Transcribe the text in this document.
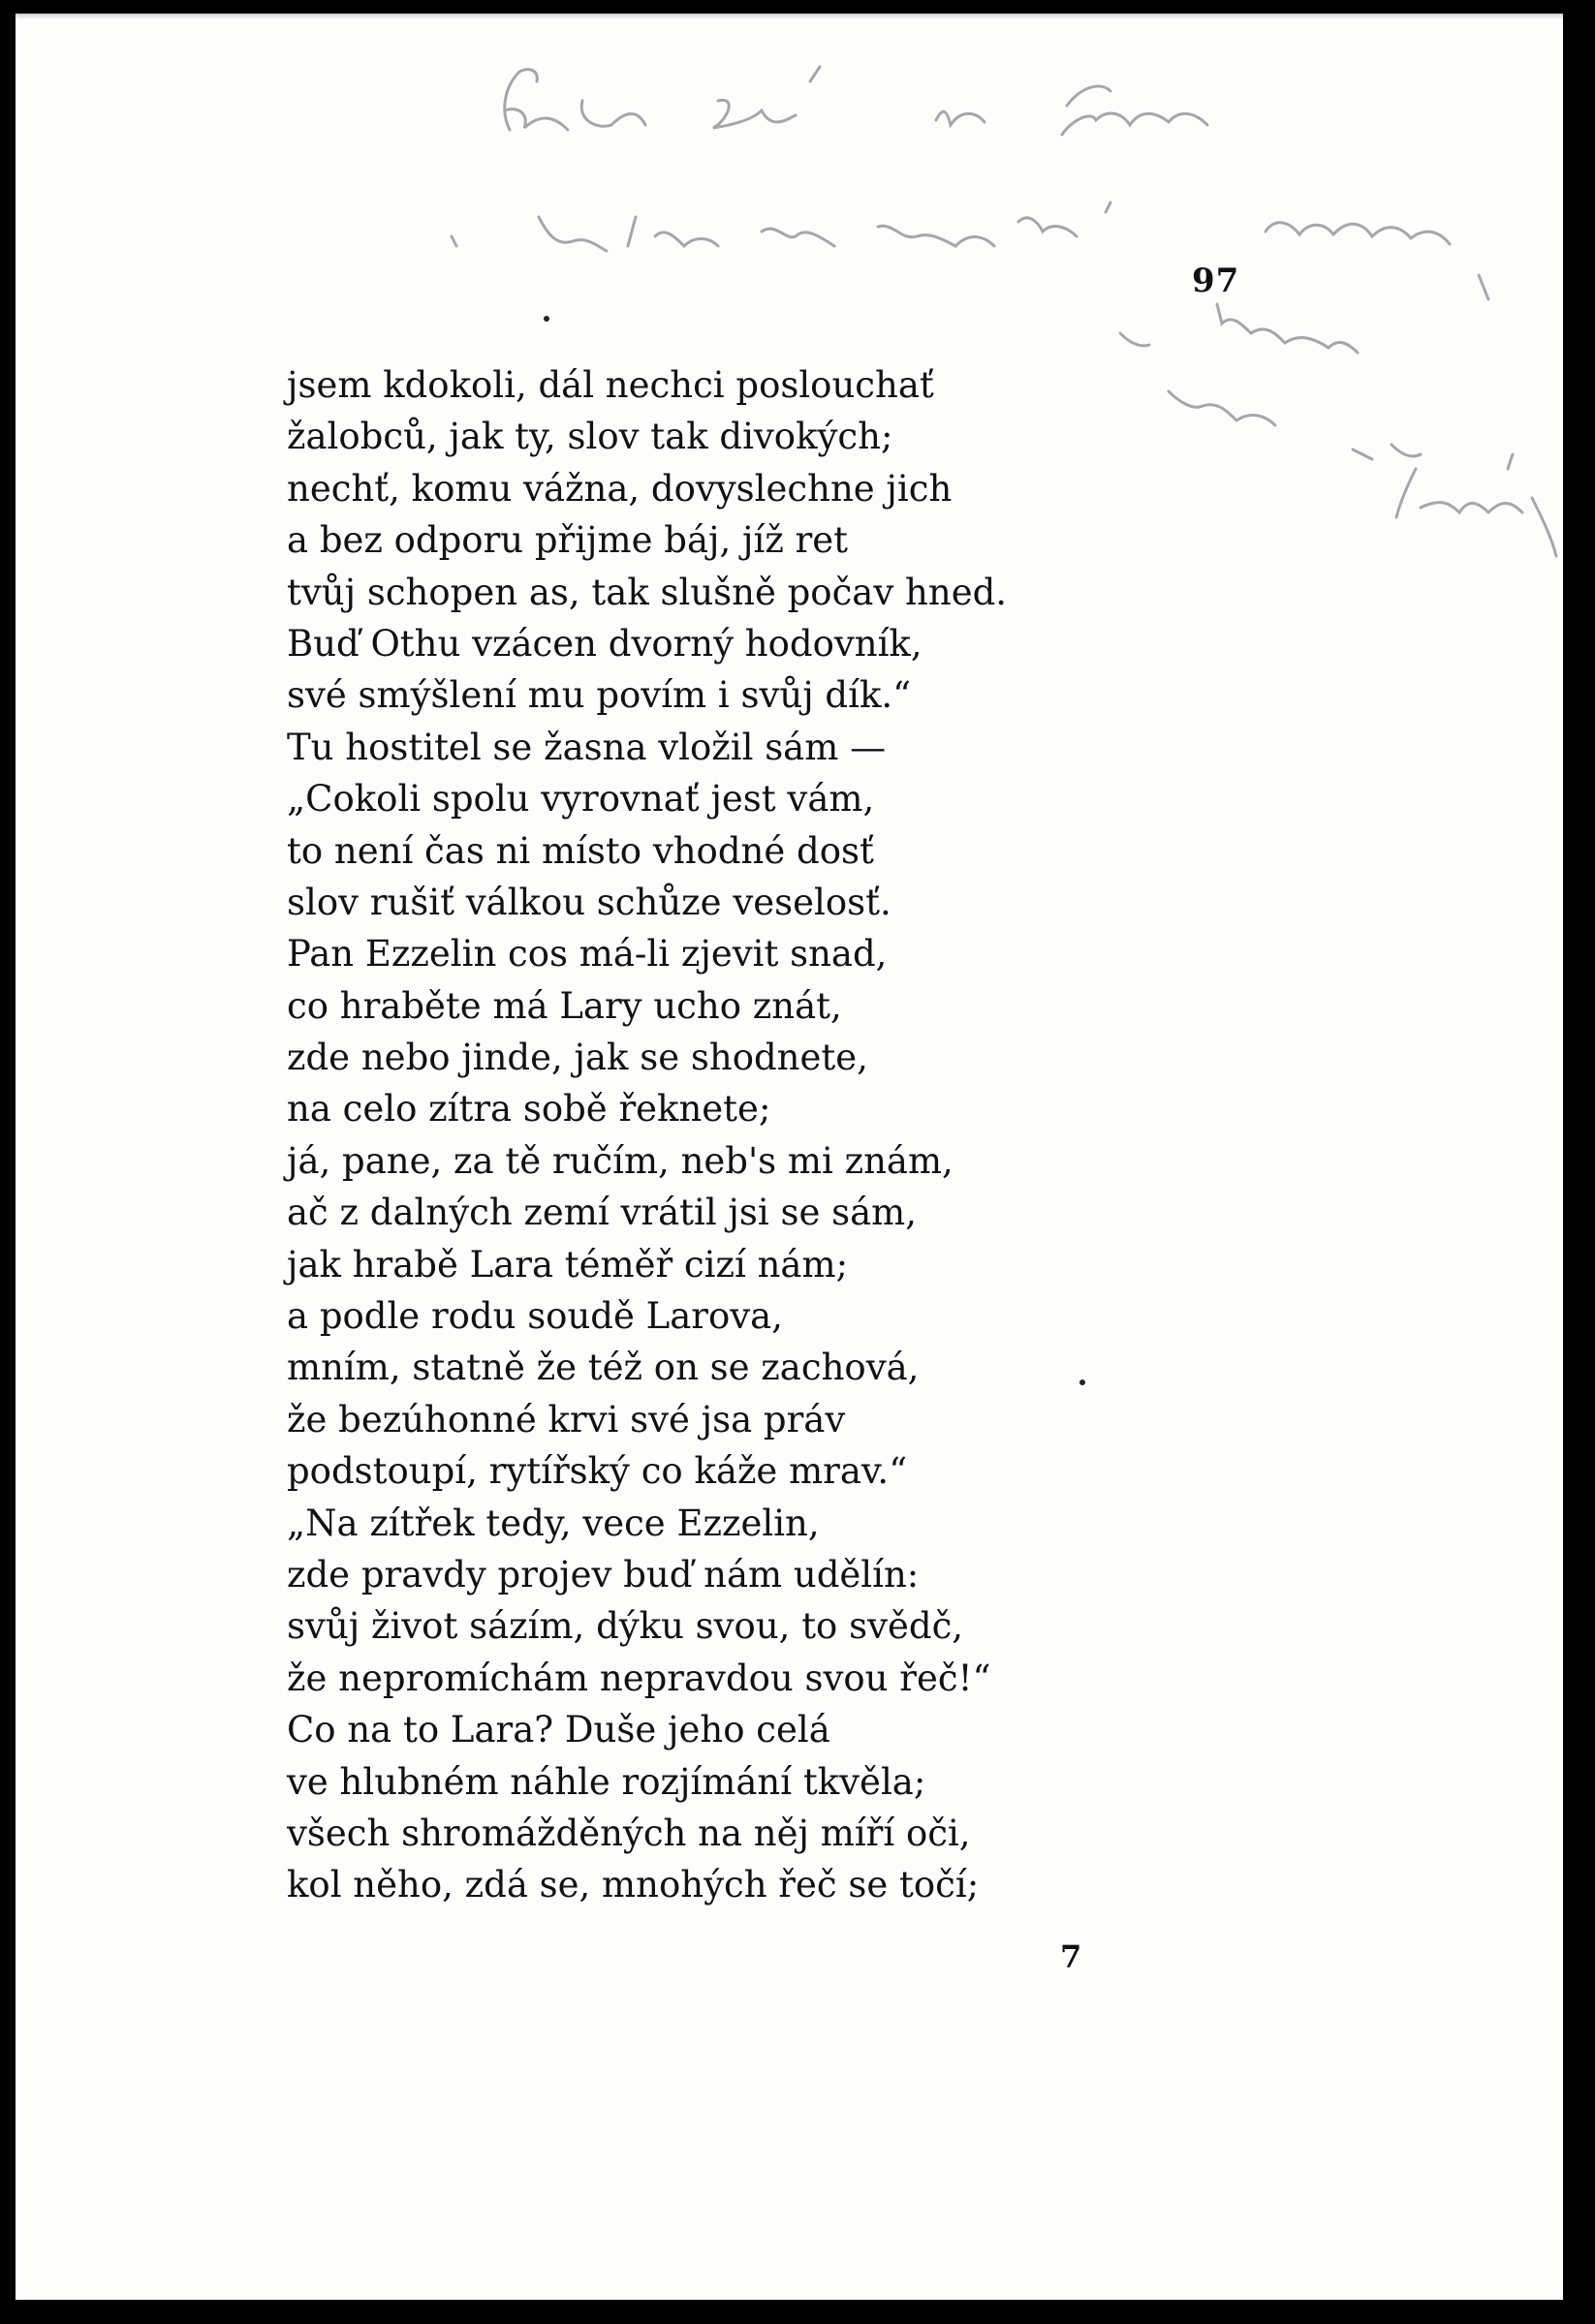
97
jsem kdokoli, dál nechci poslouchať
žalobců, jak ty, slov tak divokých;
nechť, komu vážna, dovyslechne jich
a bez odporu přijme báj, jíž ret
tvůj schopen as, tak slušně počav hned.
Buď Othu vzácen dvorný hodovník,
své smýšlení mu povím i svůj dík.“
Tu hostitel se žasna vložil sám —
„Cokoli spolu vyrovnať jest vám,
to není čas ni místo vhodné dosť
slov rušiť válkou schůze veselosť.
Pan Ezzelin cos má-li zjevit snad,
co hraběte má Lary ucho znát,
zde nebo jinde, jak se shodnete,
na celo zítra sobě řeknete;
já, pane, za tě ručím, neb's mi znám,
ač z dalných zemí vrátil jsi se sám,
jak hrabě Lara téměř cizí nám;
a podle rodu soudě Larova,
mním, statně že též on se zachová,
že bezúhonné krvi své jsa práv
podstoupí, rytířský co káže mrav.“
„Na zítřek tedy, vece Ezzelin,
zde pravdy projev buď nám udělín:
svůj život sázím, dýku svou, to svědč,
že nepromíchám nepravdou svou řeč!“
Co na to Lara? Duše jeho celá
ve hlubném náhle rozjímání tkvěla;
všech shromážděných na něj míří oči,
kol něho, zdá se, mnohých řeč se točí;
7
